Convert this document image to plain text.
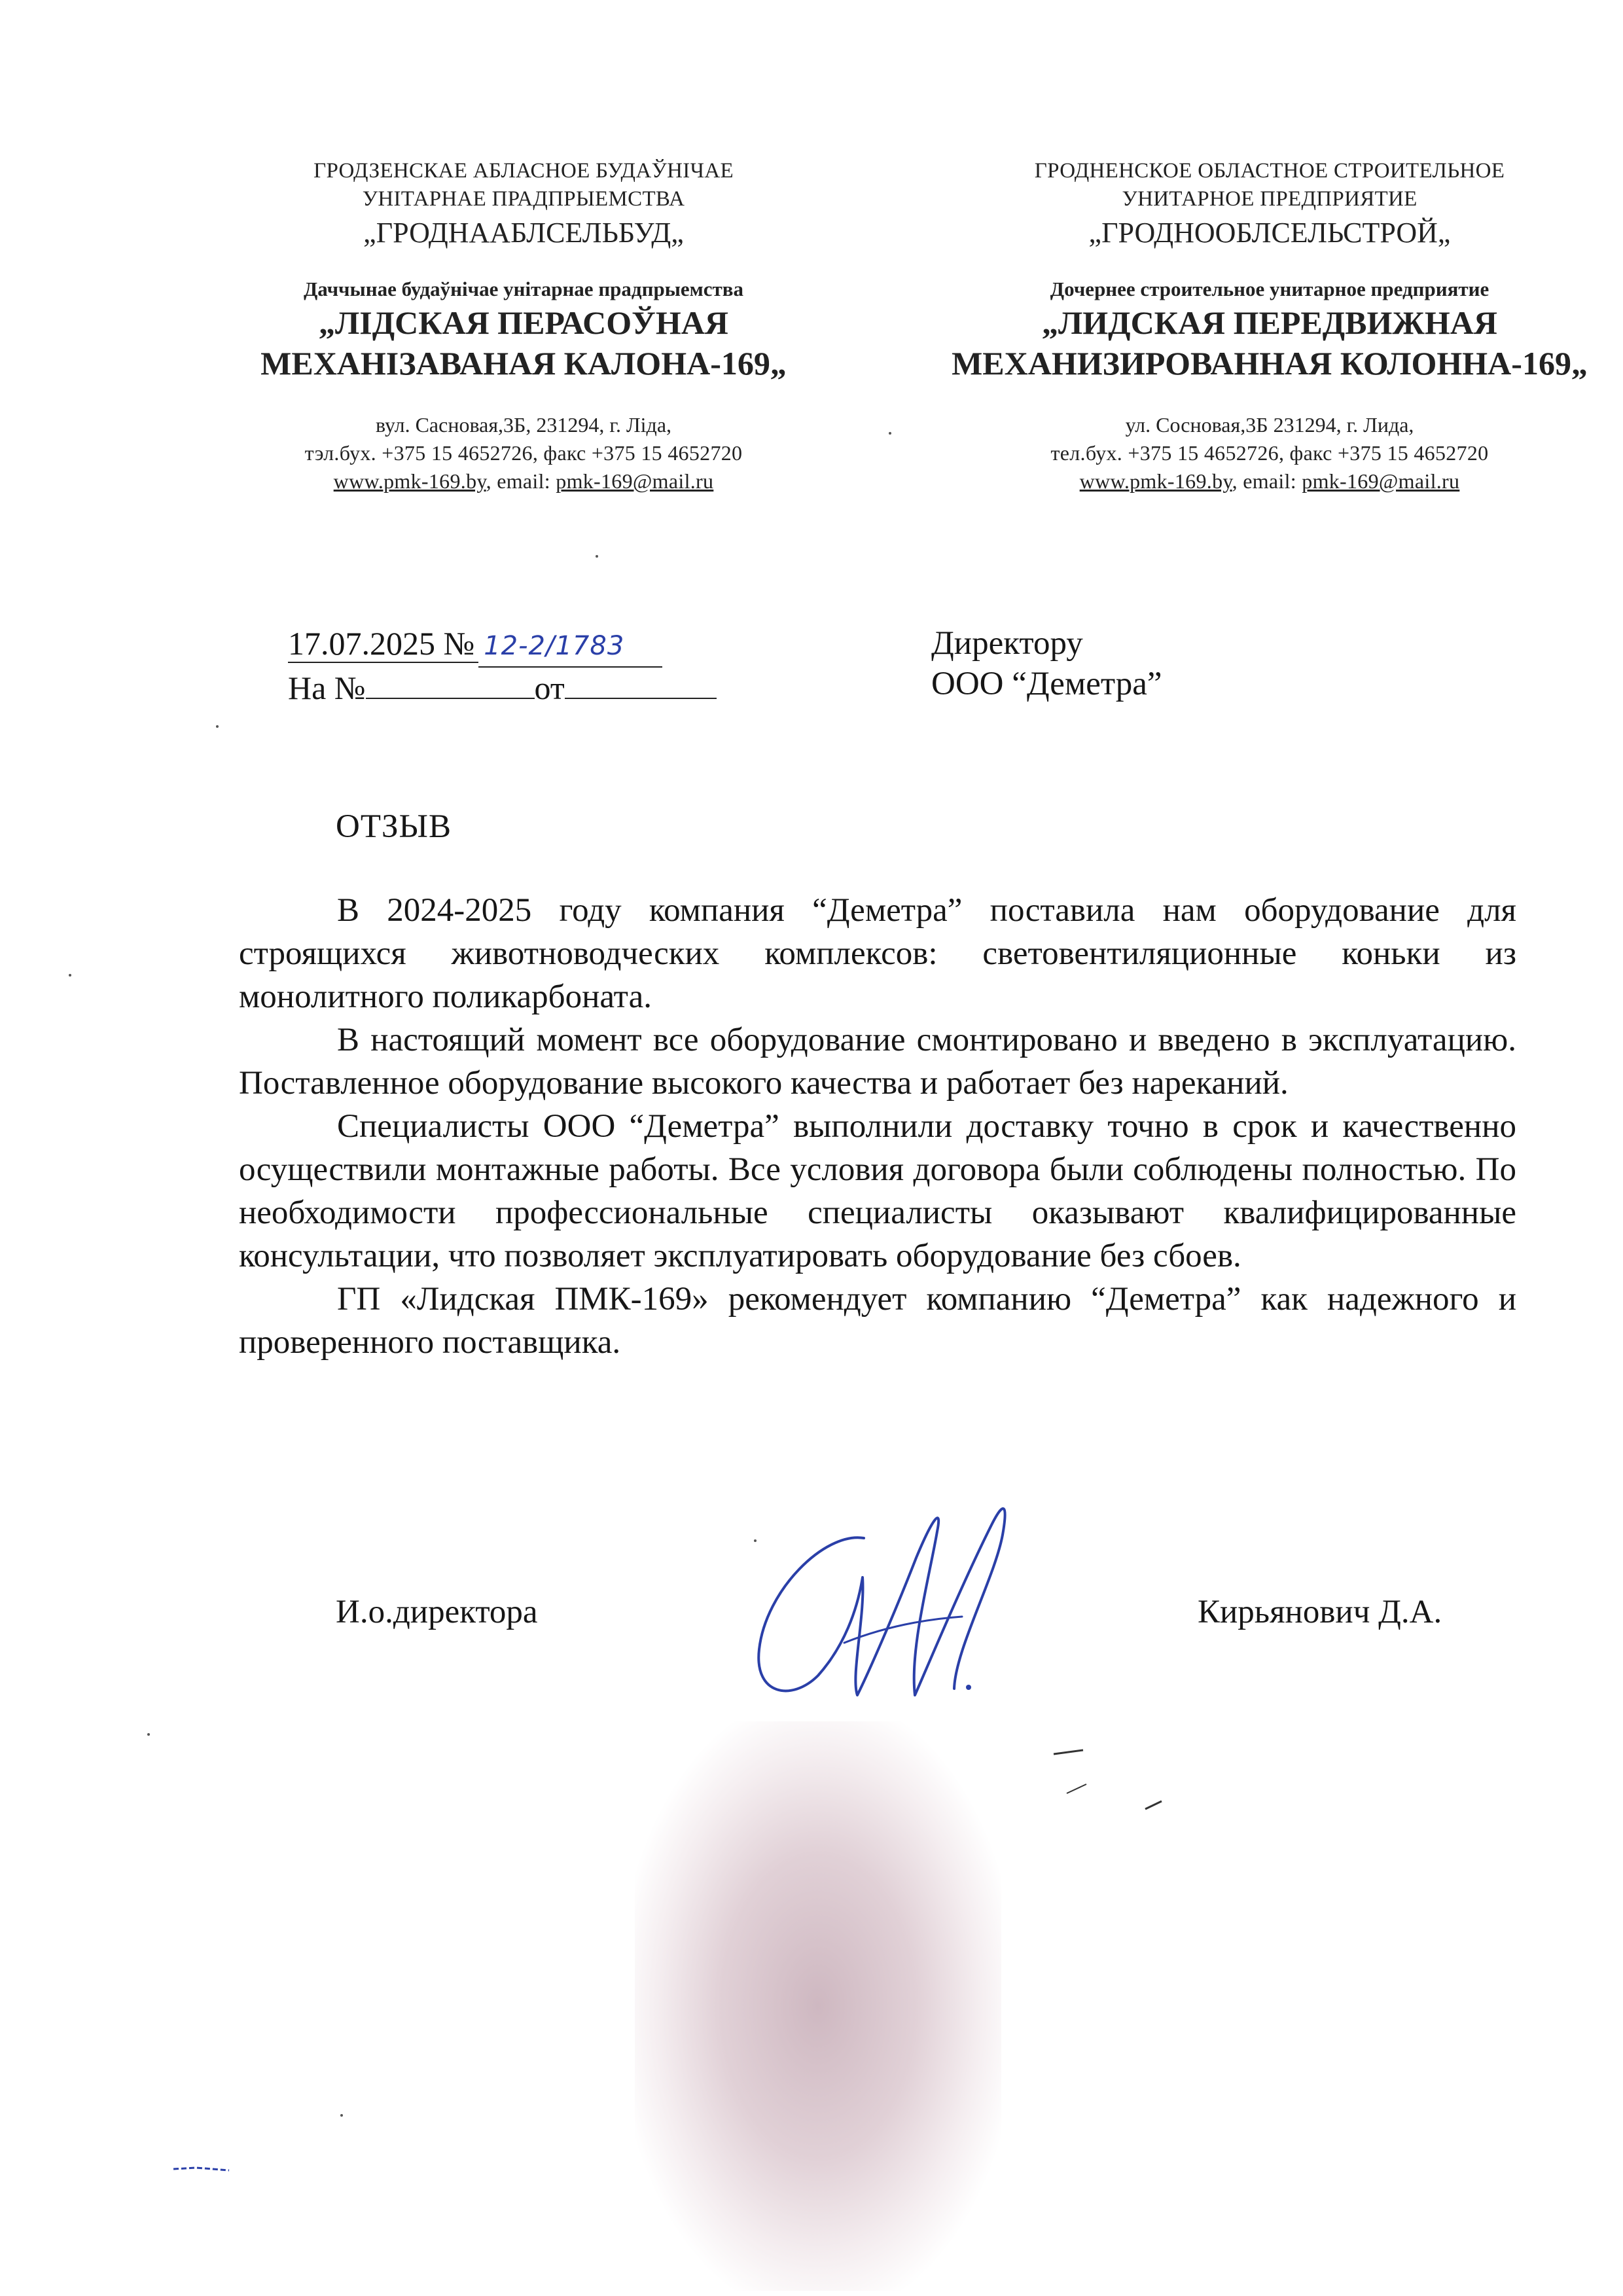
ГРОДЗЕНСКАЕ АБЛАСНОЕ БУДАЎНІЧАЕ
УНІТАРНАЕ ПРАДПРЫЕМСТВА
„ГРОДНААБЛСЕЛЬБУД„
Даччынае будаўнічае унітарнае прадпрыемства
„ЛІДСКАЯ ПЕРАСОЎНАЯ
МЕХАНІЗАВАНАЯ КАЛОНА-169„
вул. Сасновая,3Б, 231294, г. Ліда,
тэл.бух. +375 15 4652726, факс +375 15 4652720
www.pmk-169.by, email: pmk-169@mail.ru
ГРОДНЕНСКОЕ ОБЛАСТНОЕ СТРОИТЕЛЬНОЕ
УНИТАРНОЕ ПРЕДПРИЯТИЕ
„ГРОДНООБЛСЕЛЬСТРОЙ„
Дочернее строительное унитарное предприятие
„ЛИДСКАЯ ПЕРЕДВИЖНАЯ
МЕХАНИЗИРОВАННАЯ КОЛОННА-169„
ул. Сосновая,3Б 231294, г. Лида,
тел.бух. +375 15 4652726, факс +375 15 4652720
www.pmk-169.by, email: pmk-169@mail.ru
17.07.2025 № 12-2/1783
На №	от
Директору
ООО “Деметра”
ОТЗЫВ

В 2024-2025 году компания “Деметра” поставила нам оборудование для строящихся животноводческих комплексов: световентиляционные коньки из монолитного поликарбоната.

В настоящий момент все оборудование смонтировано и введено в эксплуатацию. Поставленное оборудование высокого качества и работает без нареканий.

Специалисты ООО “Деметра” выполнили доставку точно в срок и качественно осуществили монтажные работы. Все условия договора были соблюдены полностью. По необходимости профессиональные специалисты оказывают квалифицированные консультации, что позволяет эксплуатировать оборудование без сбоев.

ГП «Лидская ПМК-169» рекомендует компанию “Деметра” как надежного и проверенного поставщика.

И.о.директора	Кирьянович Д.А.
